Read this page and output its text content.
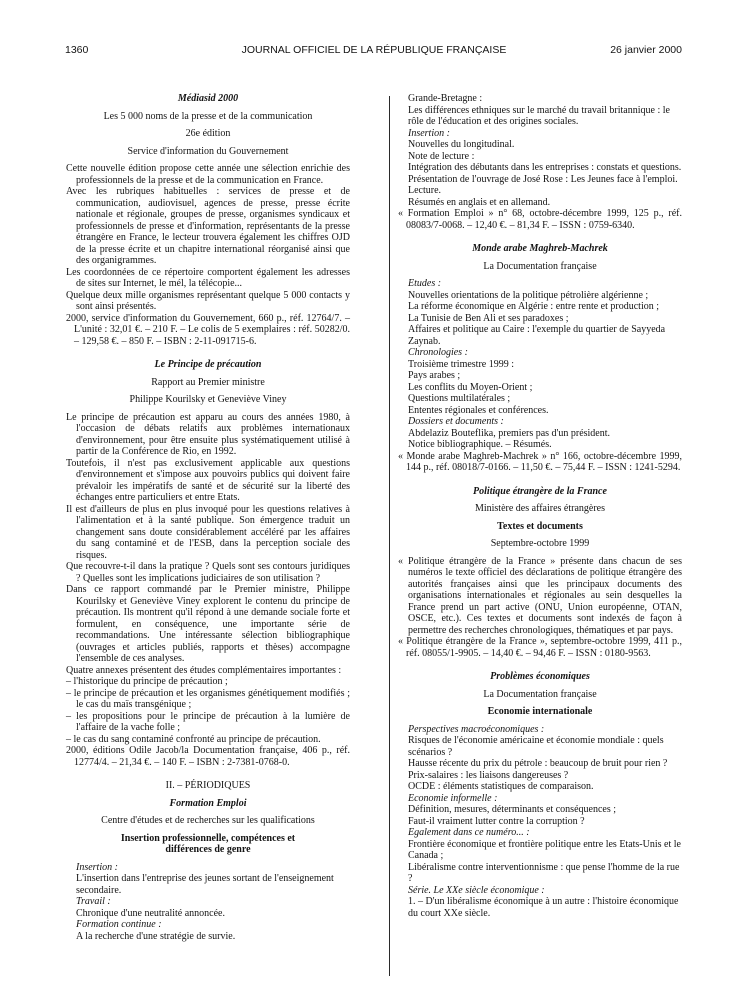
1360	JOURNAL OFFICIEL DE LA RÉPUBLIQUE FRANÇAISE	26 janvier 2000
Médiasid 2000
Les 5 000 noms de la presse et de la communication
26e édition
Service d'information du Gouvernement
Cette nouvelle édition propose cette année une sélection enrichie des professionnels de la presse et de la communication en France.
Avec les rubriques habituelles : services de presse et de communication, audiovisuel, agences de presse, presse écrite nationale et régionale, groupes de presse, organismes syndicaux et professionnels de presse et d'information, représentants de la presse étrangère en France, le lecteur trouvera également les chiffres OJD de la presse écrite et un chapitre international réorganisé ainsi que des organigrammes.
Les coordonnées de ce répertoire comportent également les adresses de sites sur Internet, le mél, la télécopie...
Quelque deux mille organismes représentant quelque 5 000 contacts y sont ainsi présentés.
2000, service d'information du Gouvernement, 660 p., réf. 12764/7. – L'unité : 32,01 €. – 210 F. – Le colis de 5 exemplaires : réf. 50282/0. – 129,58 €. – 850 F. – ISBN : 2-11-091715-6.
Le Principe de précaution
Rapport au Premier ministre
Philippe Kourilsky et Geneviève Viney
Le principe de précaution est apparu au cours des années 1980, à l'occasion de débats relatifs aux problèmes internationaux d'environnement, pour être ensuite plus systématiquement utilisé à partir de la Conférence de Rio, en 1992.
Toutefois, il n'est pas exclusivement applicable aux questions d'environnement et s'impose aux pouvoirs publics qui doivent faire prévaloir les impératifs de santé et de sécurité sur la liberté des échanges entre particuliers et entre Etats.
Il est d'ailleurs de plus en plus invoqué pour les questions relatives à l'alimentation et à la santé publique. Son émergence traduit un changement sans doute considérablement accéléré par les affaires du sang contaminé et de l'ESB, dans la perception sociale des risques.
Que recouvre-t-il dans la pratique ? Quels sont ses contours juridiques ? Quelles sont les implications judiciaires de son utilisation ?
Dans ce rapport commandé par le Premier ministre, Philippe Kourilsky et Geneviève Viney explorent le contenu du principe de précaution. Ils montrent qu'il répond à une demande sociale forte et formulent, en conséquence, une importante série de recommandations. Une intéressante sélection bibliographique (ouvrages et articles publiés, rapports et thèses) accompagne l'ensemble de ces analyses.
Quatre annexes présentent des études complémentaires importantes :
– l'historique du principe de précaution ;
– le principe de précaution et les organismes génétiquement modifiés ; le cas du maïs transgénique ;
– les propositions pour le principe de précaution à la lumière de l'affaire de la vache folle ;
– le cas du sang contaminé confronté au principe de précaution.
2000, éditions Odile Jacob/la Documentation française, 406 p., réf. 12774/4. – 21,34 €. – 140 F. – ISBN : 2-7381-0768-0.
II. – PÉRIODIQUES
Formation Emploi
Centre d'études et de recherches sur les qualifications
Insertion professionnelle, compétences et différences de genre
Insertion :
L'insertion dans l'entreprise des jeunes sortant de l'enseignement secondaire.
Travail :
Chronique d'une neutralité annoncée.
Formation continue :
A la recherche d'une stratégie de survie.
Grande-Bretagne :
Les différences ethniques sur le marché du travail britannique : le rôle de l'éducation et des origines sociales.
Insertion :
Nouvelles du longitudinal.
Note de lecture :
Intégration des débutants dans les entreprises : constats et questions.
Présentation de l'ouvrage de José Rose : Les Jeunes face à l'emploi.
Lecture.
Résumés en anglais et en allemand.
« Formation Emploi » n° 68, octobre-décembre 1999, 125 p., réf. 08083/7-0068. – 12,40 €. – 81,34 F. – ISSN : 0759-6340.
Monde arabe Maghreb-Machrek
La Documentation française
Etudes :
Nouvelles orientations de la politique pétrolière algérienne ;
La réforme économique en Algérie : entre rente et production ;
La Tunisie de Ben Ali et ses paradoxes ;
Affaires et politique au Caire : l'exemple du quartier de Sayyeda Zaynab.
Chronologies :
Troisième trimestre 1999 :
Pays arabes ;
Les conflits du Moyen-Orient ;
Questions multilatérales ;
Ententes régionales et conférences.
Dossiers et documents :
Abdelaziz Bouteflika, premiers pas d'un président.
Notice bibliographique. – Résumés.
« Monde arabe Maghreb-Machrek » n° 166, octobre-décembre 1999, 144 p., réf. 08018/7-0166. – 11,50 €. – 75,44 F. – ISSN : 1241-5294.
Politique étrangère de la France
Ministère des affaires étrangères
Textes et documents
Septembre-octobre 1999
« Politique étrangère de la France » présente dans chacun de ses numéros le texte officiel des déclarations de politique étrangère des autorités françaises ainsi que les principaux documents des organisations internationales et régionales au sein desquelles la France prend un part active (ONU, Union européenne, OTAN, OSCE, etc.). Ces textes et documents sont indexés de façon à permettre des recherches chronologiques, thématiques et par pays.
« Politique étrangère de la France », septembre-octobre 1999, 411 p., réf. 08055/1-9905. – 14,40 €. – 94,46 F. – ISSN : 0180-9563.
Problèmes économiques
La Documentation française
Economie internationale
Perspectives macroéconomiques :
Risques de l'économie américaine et économie mondiale : quels scénarios ?
Hausse récente du prix du pétrole : beaucoup de bruit pour rien ?
Prix-salaires : les liaisons dangereuses ?
OCDE : éléments statistiques de comparaison.
Economie informelle :
Définition, mesures, déterminants et conséquences ;
Faut-il vraiment lutter contre la corruption ?
Egalement dans ce numéro... :
Frontière économique et frontière politique entre les Etats-Unis et le Canada ;
Libéralisme contre interventionnisme : que pense l'homme de la rue ?
Série. Le XXe siècle économique :
1. – D'un libéralisme économique à un autre : l'histoire économique du court XXe siècle.
